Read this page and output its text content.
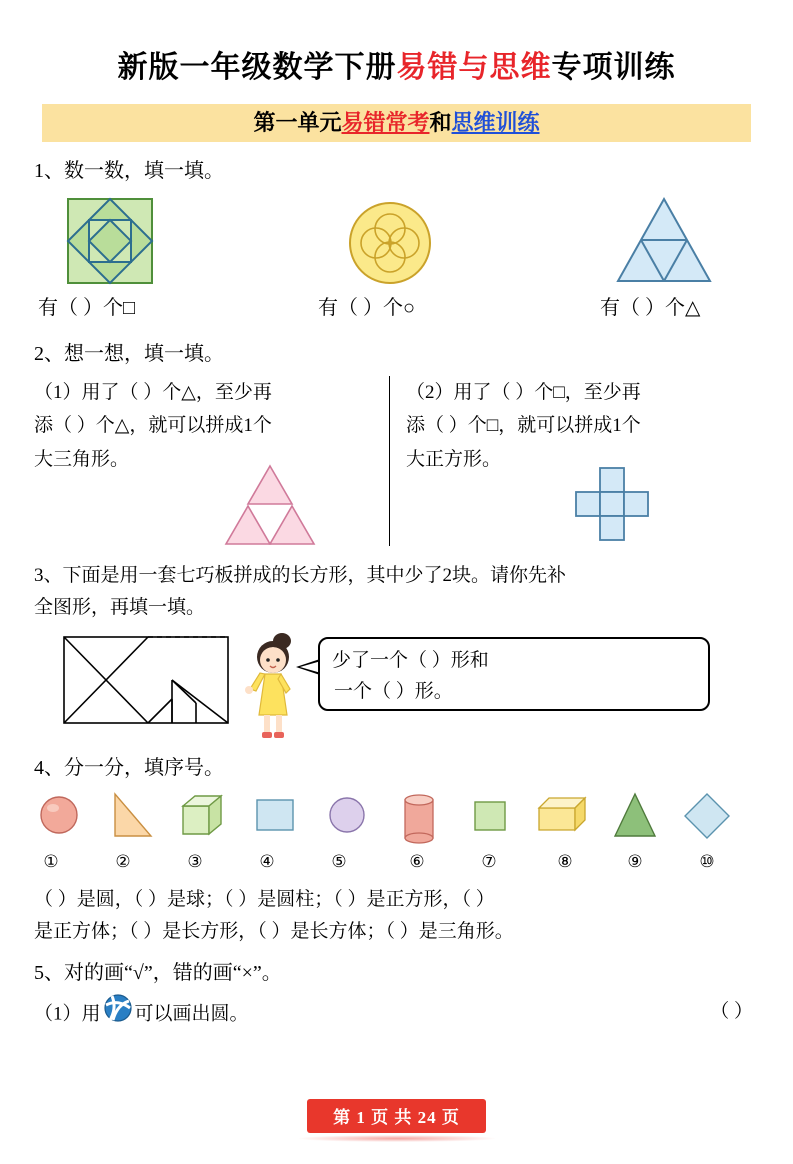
新版一年级数学下册易错与思维专项训练
第一单元易错常考和思维训练
1、数一数，填一填。
有（ ）个□	有（ ）个○	有（ ）个△
2、想一想，填一填。
（1）用了（ ）个△，至少再
添（ ）个△，就可以拼成1个
大三角形。
（2）用了（ ）个□，至少再
添（ ）个□，就可以拼成1个
大正方形。
3、下面是用一套七巧板拼成的长方形，其中少了2块。请你先补
全图形，再填一填。
少了一个（ ）形和
一个（ ）形。
4、分一分，填序号。
①	②	③	④	⑤	⑥	⑦	⑧	⑨	⑩
（ ）是圆，（ ）是球；（ ）是圆柱；（ ）是正方形，（ ）
是正方体；（ ）是长方形，（ ）是长方体；（ ）是三角形。
5、对的画“√”，错的画“×”。
（1）用 可以画出圆。	（ ）
第 1 页 共 24 页
